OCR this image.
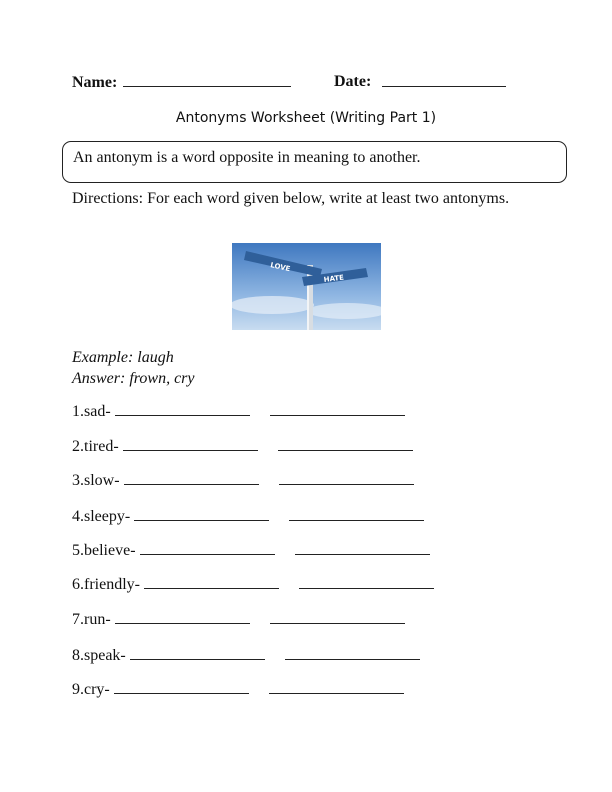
Name:	Date:
Antonyms Worksheet (Writing Part 1)
An antonym is a word opposite in meaning to another.
Directions: For each word given below, write at least two antonyms.
LOVE
HATE
Example: laugh
Answer: frown, cry
1.sad-
2.tired-
3.slow-
4.sleepy-
5.believe-
6.friendly-
7.run-
8.speak-
9.cry-
